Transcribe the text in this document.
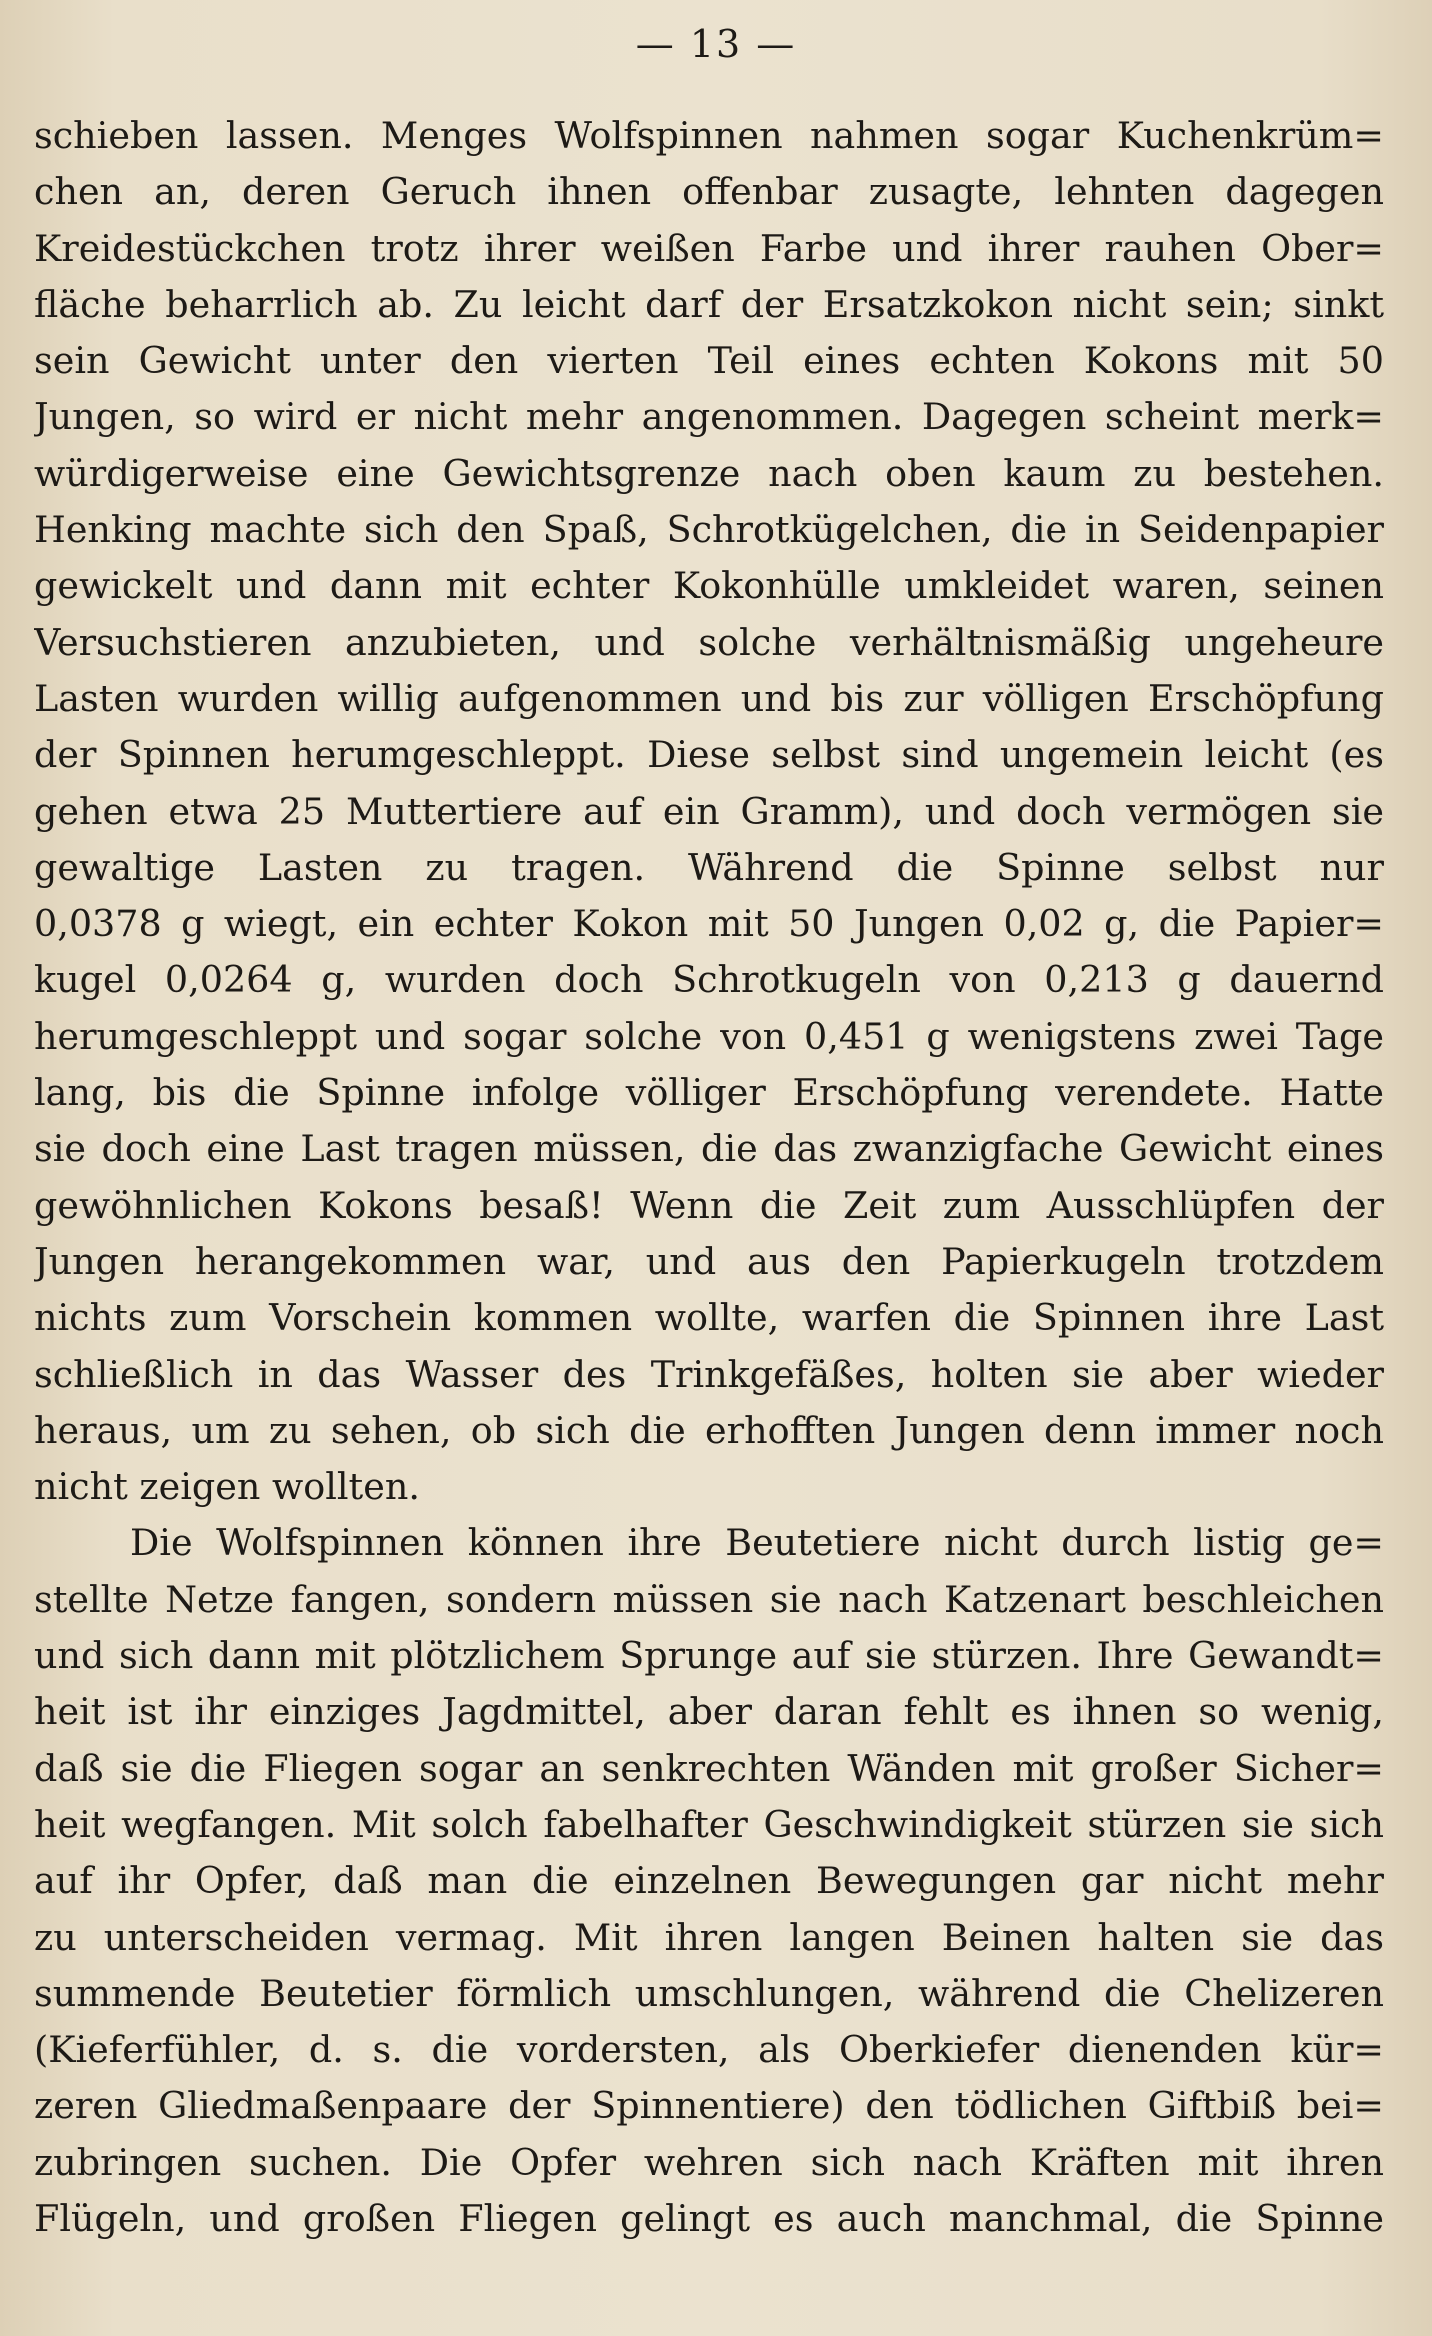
— 13 —
schieben lassen. Menges Wolfspinnen nahmen sogar Kuchenkrüm=
chen an, deren Geruch ihnen offenbar zusagte, lehnten dagegen
Kreidestückchen trotz ihrer weißen Farbe und ihrer rauhen Ober=
fläche beharrlich ab. Zu leicht darf der Ersatzkokon nicht sein; sinkt
sein Gewicht unter den vierten Teil eines echten Kokons mit 50
Jungen, so wird er nicht mehr angenommen. Dagegen scheint merk=
würdigerweise eine Gewichtsgrenze nach oben kaum zu bestehen.
Henking machte sich den Spaß, Schrotkügelchen, die in Seidenpapier
gewickelt und dann mit echter Kokonhülle umkleidet waren, seinen
Versuchstieren anzubieten, und solche verhältnismäßig ungeheure
Lasten wurden willig aufgenommen und bis zur völligen Erschöpfung
der Spinnen herumgeschleppt. Diese selbst sind ungemein leicht (es
gehen etwa 25 Muttertiere auf ein Gramm), und doch vermögen sie
gewaltige Lasten zu tragen. Während die Spinne selbst nur
0,0378 g wiegt, ein echter Kokon mit 50 Jungen 0,02 g, die Papier=
kugel 0,0264 g, wurden doch Schrotkugeln von 0,213 g dauernd
herumgeschleppt und sogar solche von 0,451 g wenigstens zwei Tage
lang, bis die Spinne infolge völliger Erschöpfung verendete. Hatte
sie doch eine Last tragen müssen, die das zwanzigfache Gewicht eines
gewöhnlichen Kokons besaß! Wenn die Zeit zum Ausschlüpfen der
Jungen herangekommen war, und aus den Papierkugeln trotzdem
nichts zum Vorschein kommen wollte, warfen die Spinnen ihre Last
schließlich in das Wasser des Trinkgefäßes, holten sie aber wieder
heraus, um zu sehen, ob sich die erhofften Jungen denn immer noch
nicht zeigen wollten.
Die Wolfspinnen können ihre Beutetiere nicht durch listig ge=
stellte Netze fangen, sondern müssen sie nach Katzenart beschleichen
und sich dann mit plötzlichem Sprunge auf sie stürzen. Ihre Gewandt=
heit ist ihr einziges Jagdmittel, aber daran fehlt es ihnen so wenig,
daß sie die Fliegen sogar an senkrechten Wänden mit großer Sicher=
heit wegfangen. Mit solch fabelhafter Geschwindigkeit stürzen sie sich
auf ihr Opfer, daß man die einzelnen Bewegungen gar nicht mehr
zu unterscheiden vermag. Mit ihren langen Beinen halten sie das
summende Beutetier förmlich umschlungen, während die Chelizeren
(Kieferfühler, d. s. die vordersten, als Oberkiefer dienenden kür=
zeren Gliedmaßenpaare der Spinnentiere) den tödlichen Giftbiß bei=
zubringen suchen. Die Opfer wehren sich nach Kräften mit ihren
Flügeln, und großen Fliegen gelingt es auch manchmal, die Spinne
